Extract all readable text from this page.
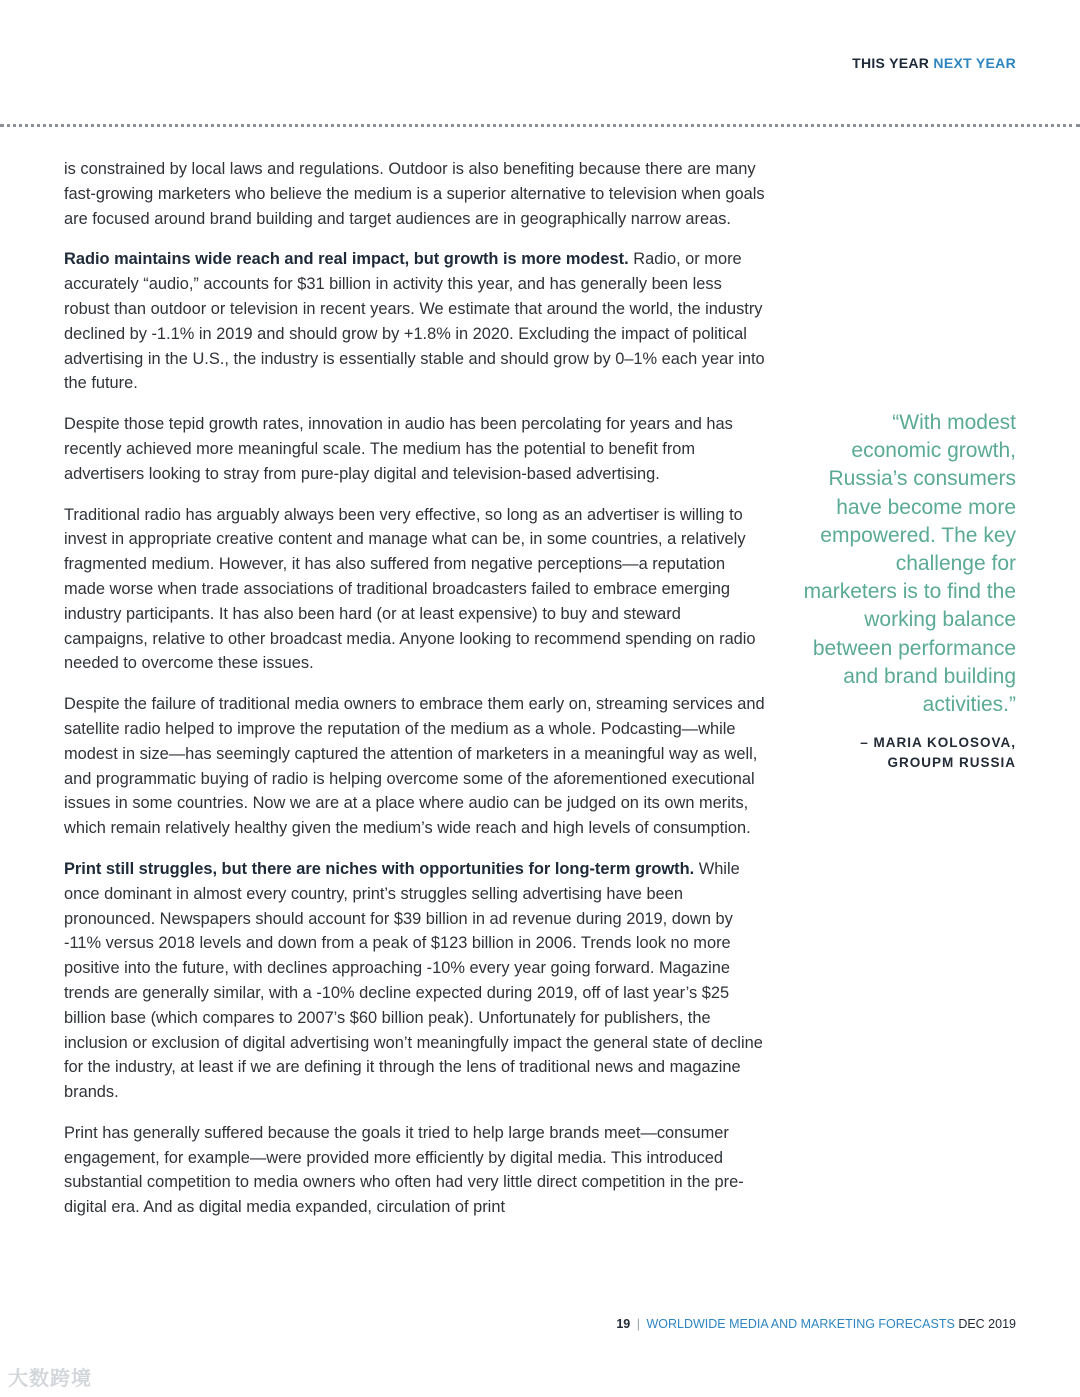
THIS YEAR NEXT YEAR

is constrained by local laws and regulations. Outdoor is also benefiting because there are many fast-growing marketers who believe the medium is a superior alternative to television when goals are focused around brand building and target audiences are in geographically narrow areas.

Radio maintains wide reach and real impact, but growth is more modest. Radio, or more accurately “audio,” accounts for $31 billion in activity this year, and has generally been less robust than outdoor or television in recent years. We estimate that around the world, the industry declined by -1.1% in 2019 and should grow by +1.8% in 2020. Excluding the impact of political advertising in the U.S., the industry is essentially stable and should grow by 0–1% each year into the future.

Despite those tepid growth rates, innovation in audio has been percolating for years and has recently achieved more meaningful scale. The medium has the potential to benefit from advertisers looking to stray from pure-play digital and television-based advertising.

Traditional radio has arguably always been very effective, so long as an advertiser is willing to invest in appropriate creative content and manage what can be, in some countries, a relatively fragmented medium. However, it has also suffered from negative perceptions—a reputation made worse when trade associations of traditional broadcasters failed to embrace emerging industry participants. It has also been hard (or at least expensive) to buy and steward campaigns, relative to other broadcast media. Anyone looking to recommend spending on radio needed to overcome these issues.

Despite the failure of traditional media owners to embrace them early on, streaming services and satellite radio helped to improve the reputation of the medium as a whole. Podcasting—while modest in size—has seemingly captured the attention of marketers in a meaningful way as well, and programmatic buying of radio is helping overcome some of the aforementioned executional issues in some countries. Now we are at a place where audio can be judged on its own merits, which remain relatively healthy given the medium’s wide reach and high levels of consumption.

Print still struggles, but there are niches with opportunities for long-term growth. While once dominant in almost every country, print’s struggles selling advertising have been pronounced. Newspapers should account for $39 billion in ad revenue during 2019, down by -11% versus 2018 levels and down from a peak of $123 billion in 2006. Trends look no more positive into the future, with declines approaching -10% every year going forward. Magazine trends are generally similar, with a -10% decline expected during 2019, off of last year’s $25 billion base (which compares to 2007’s $60 billion peak). Unfortunately for publishers, the inclusion or exclusion of digital advertising won’t meaningfully impact the general state of decline for the industry, at least if we are defining it through the lens of traditional news and magazine brands.

Print has generally suffered because the goals it tried to help large brands meet—consumer engagement, for example—were provided more efficiently by digital media. This introduced substantial competition to media owners who often had very little direct competition in the pre-digital era. And as digital media expanded, circulation of print

“With modest economic growth, Russia’s consumers have become more empowered. The key challenge for marketers is to find the working balance between performance and brand building activities.”
– MARIA KOLOSOVA,
GROUPM RUSSIA
19 | WORLDWIDE MEDIA AND MARKETING FORECASTS DEC 2019
大数跨境
